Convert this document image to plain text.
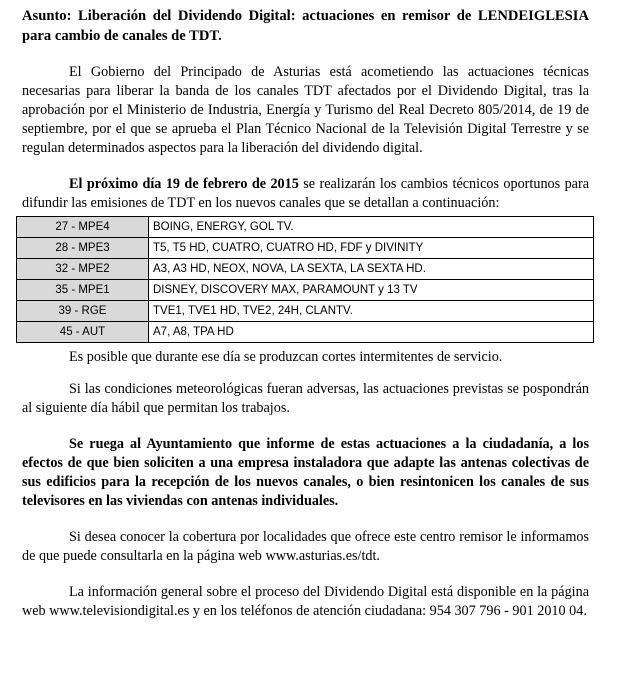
Asunto: Liberación del Dividendo Digital: actuaciones en remisor de LENDEIGLESIA para cambio de canales de TDT.

El Gobierno del Principado de Asturias está acometiendo las actuaciones técnicas necesarias para liberar la banda de los canales TDT afectados por el Dividendo Digital, tras la aprobación por el Ministerio de Industria, Energía y Turismo del Real Decreto 805/2014, de 19 de septiembre, por el que se aprueba el Plan Técnico Nacional de la Televisión Digital Terrestre y se regulan determinados aspectos para la liberación del dividendo digital.

El próximo día 19 de febrero de 2015 se realizarán los cambios técnicos oportunos para difundir las emisiones de TDT en los nuevos canales que se detallan a continuación:

27 - MPE4	BOING, ENERGY, GOL TV.
28 - MPE3	T5, T5 HD, CUATRO, CUATRO HD, FDF y DIVINITY
32 - MPE2	A3, A3 HD, NEOX, NOVA, LA SEXTA, LA SEXTA HD.
35 - MPE1	DISNEY, DISCOVERY MAX, PARAMOUNT y 13 TV
39 - RGE	TVE1, TVE1 HD, TVE2, 24H, CLANTV.
45 - AUT	A7, A8, TPA HD

Es posible que durante ese día se produzcan cortes intermitentes de servicio.

Si las condiciones meteorológicas fueran adversas, las actuaciones previstas se pospondrán al siguiente día hábil que permitan los trabajos.

Se ruega al Ayuntamiento que informe de estas actuaciones a la ciudadanía, a los efectos de que bien soliciten a una empresa instaladora que adapte las antenas colectivas de sus edificios para la recepción de los nuevos canales, o bien resintonicen los canales de sus televisores en las viviendas con antenas individuales.

Si desea conocer la cobertura por localidades que ofrece este centro remisor le informamos de que puede consultarla en la página web www.asturias.es/tdt.

La información general sobre el proceso del Dividendo Digital está disponible en la página web www.televisiondigital.es y en los teléfonos de atención ciudadana: 954 307 796 - 901 2010 04.
